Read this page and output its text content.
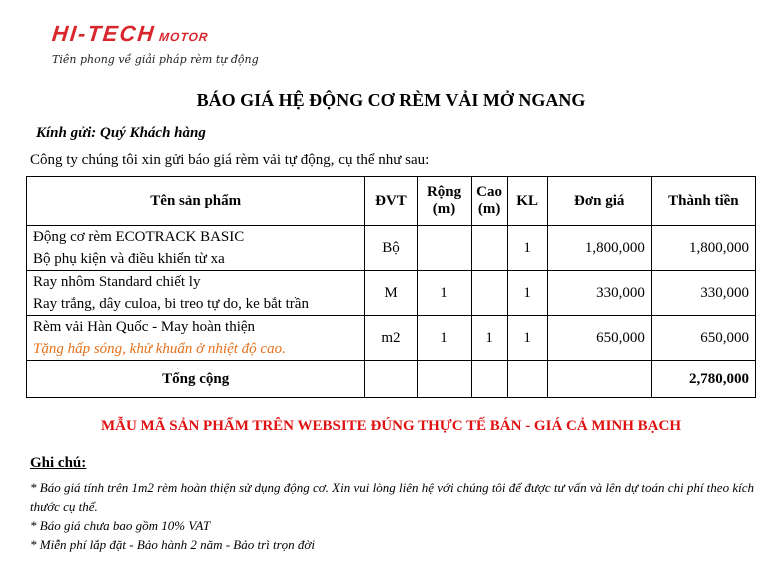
HI-TECH MOTOR
Tiên phong về giải pháp rèm tự động
BÁO GIÁ HỆ ĐỘNG CƠ RÈM VẢI MỞ NGANG
Kính gửi: Quý Khách hàng
Công ty chúng tôi xin gửi báo giá rèm vải tự động, cụ thể như sau:
Tên sản phẩm	ĐVT	Rộng (m)	Cao (m)	KL	Đơn giá	Thành tiền

Động cơ rèm ECOTRACK BASIC
Bộ phụ kiện và điều khiển từ xa	Bộ			1	1,800,000	1,800,000

Ray nhôm Standard chiết ly
Ray trắng, dây culoa, bi treo tự do, ke bắt trần	M	1		1	330,000	330,000

Rèm vải Hàn Quốc - May hoàn thiện
Tặng hấp sóng, khử khuẩn ở nhiệt độ cao.	m2	1	1	1	650,000	650,000
Tổng cộng						2,780,000
MẪU MÃ SẢN PHẨM TRÊN WEBSITE ĐÚNG THỰC TẾ BÁN - GIÁ CẢ MINH BẠCH
Ghi chú:
* Báo giá tính trên 1m2 rèm hoàn thiện sử dụng động cơ. Xin vui lòng liên hệ với chúng tôi để được tư vấn và lên dự toán chi phí theo kích thước cụ thể.
* Báo giá chưa bao gồm 10% VAT
* Miễn phí lắp đặt - Bảo hành 2 năm - Bảo trì trọn đời
